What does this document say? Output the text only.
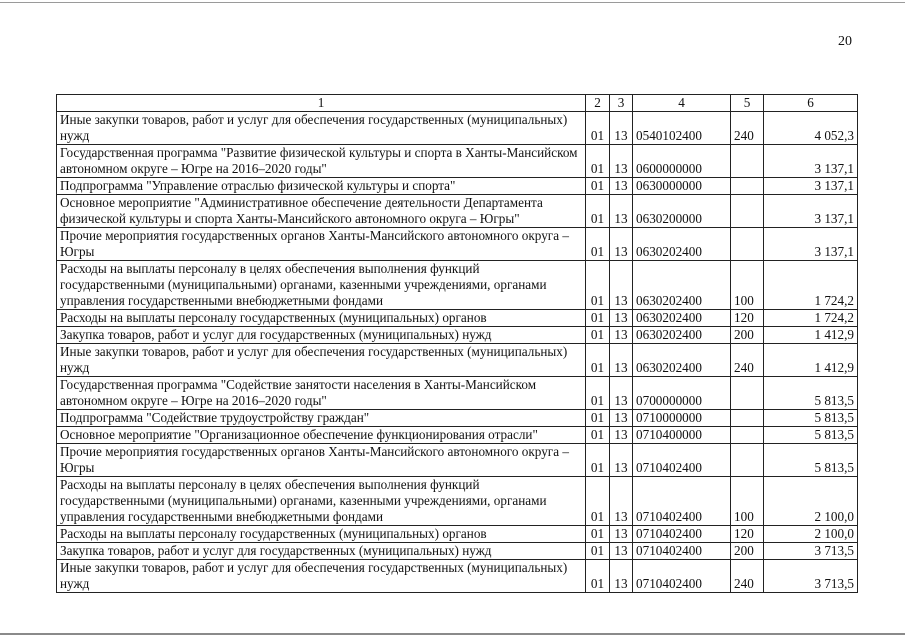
20
1	2	3	4	5	6
Иные закупки товаров, работ и услуг для обеспечения государственных (муниципальных) нужд	01	13	0540102400	240	4 052,3
Государственная программа "Развитие физической культуры и спорта в Ханты-Мансийском автономном округе – Югре на 2016–2020 годы"	01	13	0600000000		3 137,1
Подпрограмма "Управление отраслью физической культуры и спорта"	01	13	0630000000		3 137,1
Основное мероприятие "Административное обеспечение деятельности Департамента физической культуры и спорта Ханты-Мансийского автономного округа – Югры"	01	13	0630200000		3 137,1
Прочие мероприятия государственных органов Ханты-Мансийского автономного округа – Югры	01	13	0630202400		3 137,1
Расходы на выплаты персоналу в целях обеспечения выполнения функций государственными (муниципальными) органами, казенными учреждениями, органами управления государственными внебюджетными фондами	01	13	0630202400	100	1 724,2
Расходы на выплаты персоналу государственных (муниципальных) органов	01	13	0630202400	120	1 724,2
Закупка товаров, работ и услуг для государственных (муниципальных) нужд	01	13	0630202400	200	1 412,9
Иные закупки товаров, работ и услуг для обеспечения государственных (муниципальных) нужд	01	13	0630202400	240	1 412,9
Государственная программа "Содействие занятости населения в Ханты-Мансийском автономном округе – Югре на 2016–2020 годы"	01	13	0700000000		5 813,5
Подпрограмма "Содействие трудоустройству граждан"	01	13	0710000000		5 813,5
Основное мероприятие "Организационное обеспечение функционирования отрасли"	01	13	0710400000		5 813,5
Прочие мероприятия государственных органов Ханты-Мансийского автономного округа – Югры	01	13	0710402400		5 813,5
Расходы на выплаты персоналу в целях обеспечения выполнения функций государственными (муниципальными) органами, казенными учреждениями, органами управления государственными внебюджетными фондами	01	13	0710402400	100	2 100,0
Расходы на выплаты персоналу государственных (муниципальных) органов	01	13	0710402400	120	2 100,0
Закупка товаров, работ и услуг для государственных (муниципальных) нужд	01	13	0710402400	200	3 713,5
Иные закупки товаров, работ и услуг для обеспечения государственных (муниципальных) нужд	01	13	0710402400	240	3 713,5
